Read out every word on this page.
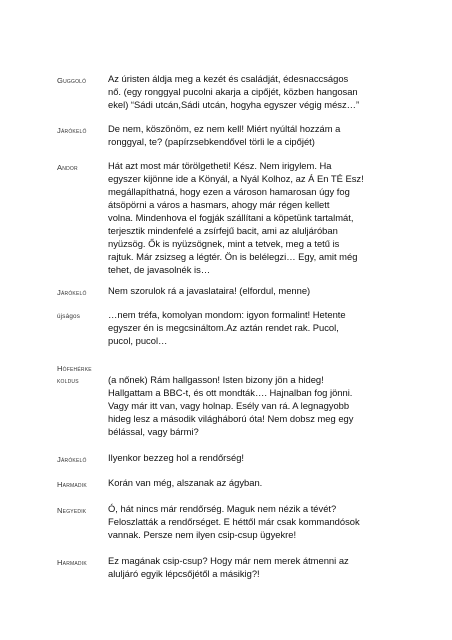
Guggoló	Az úristen áldja meg a kezét és családját, édesnaccságos
nő. (egy ronggyal pucolni akarja a cipőjét, közben hangosan
ekel) “Sádi utcán,Sádi utcán, hogyha egyszer végig mész…”
Járókelő	De nem, köszönöm, ez nem kell! Miért nyúltál hozzám a
ronggyal, te? (papírzsebkendővel törli le a cipőjét)
Andor	Hát azt most már törölgetheti! Kész. Nem irigylem. Ha
egyszer kijönne ide a Könyál, a Nyál Kolhoz, az Á En TÉ Esz!
megállapíthatná, hogy ezen a városon hamarosan úgy fog
átsöpörni a város a hasmars, ahogy már régen kellett
volna. Mindenhova el fogják szállítani a köpetünk tartalmát,
terjesztik mindenfelé a zsírfejű bacit, ami az aluljáróban
nyüzsög. Ők is nyüzsögnek, mint a tetvek, meg a tetű is
rajtuk. Már zsizseg a légtér. Ön is belélegzi… Egy, amit még
tehet, de javasolnék is…
Járókelő	Nem szorulok rá a javaslataira! (elfordul, menne)
újságos	…nem tréfa, komolyan mondom: igyon formalint! Hetente
egyszer én is megcsináltom.Az aztán rendet rak. Pucol,
pucol, pucol…
Hófehérke
koldus	(a nőnek) Rám hallgasson! Isten bizony jön a hideg!
Hallgattam a BBC-t, és ott mondták…. Hajnalban fog jönni.
Vagy már itt van, vagy holnap. Esély van rá. A legnagyobb
hideg lesz a második világháború óta! Nem dobsz meg egy
bélással, vagy bármi?
Járókelő	Ilyenkor bezzeg hol a rendőrség!
Harmadik	Korán van még, alszanak az ágyban.
Negyedik	Ó, hát nincs már rendőrség. Maguk nem nézik a tévét?
Feloszlatták a rendőrséget. E héttől már csak kommandósok
vannak. Persze nem ilyen csip-csup ügyekre!
Harmadik	Ez magának csip-csup? Hogy már nem merek átmenni az
aluljáró egyik lépcsőjétől a másikig?!
